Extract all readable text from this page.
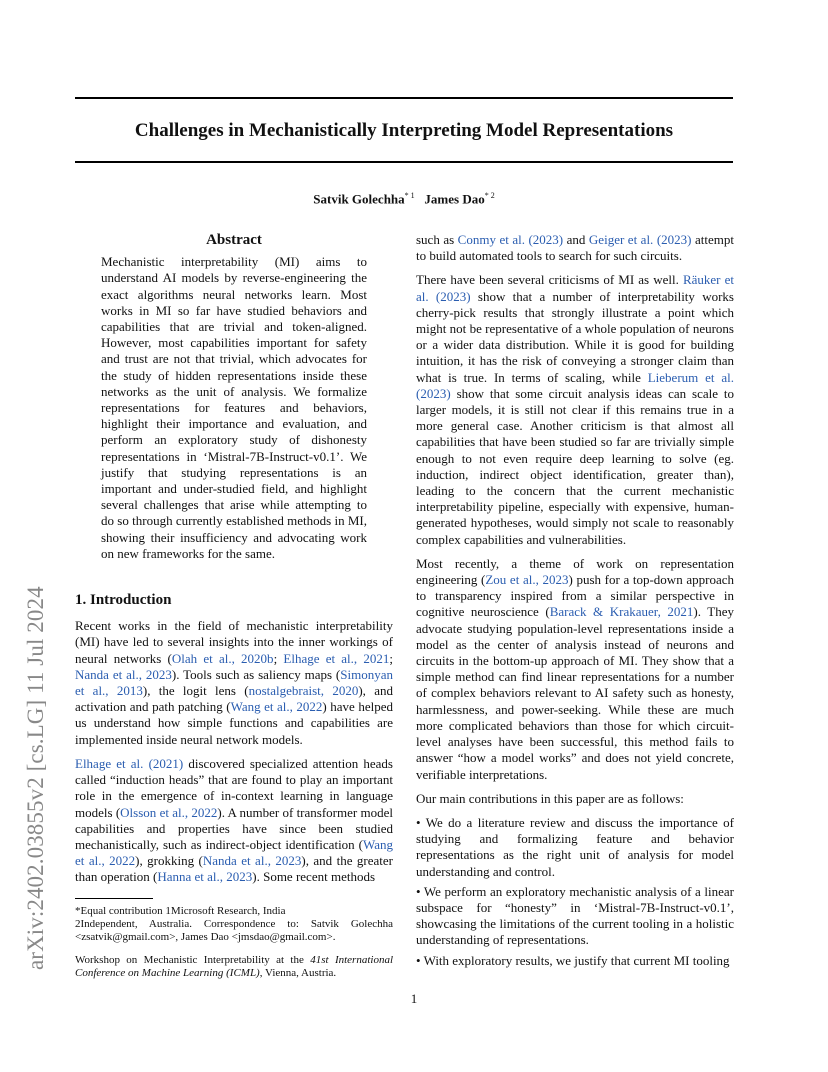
Challenges in Mechanistically Interpreting Model Representations
Satvik Golechha$^{* 1}$ James Dao$^{* 2}$
arXiv:2402.03855v2 [cs.LG] 11 Jul 2024
Abstract
Mechanistic interpretability (MI) aims to understand AI models by reverse-engineering the exact algorithms neural networks learn. Most works in MI so far have studied behaviors and capabilities that are trivial and token-aligned. However, most capabilities important for safety and trust are not that trivial, which advocates for the study of hidden representations inside these networks as the unit of analysis. We formalize representations for features and behaviors, highlight their importance and evaluation, and perform an exploratory study of dishonesty representations in ‘Mistral-7B-Instruct-v0.1’. We justify that studying representations is an important and under-studied field, and highlight several challenges that arise while attempting to do so through currently established methods in MI, showing their insufficiency and advocating work on new frameworks for the same.
1. Introduction

Recent works in the field of mechanistic interpretability (MI) have led to several insights into the inner workings of neural networks (Olah et al., 2020b; Elhage et al., 2021; Nanda et al., 2023). Tools such as saliency maps (Simonyan et al., 2013), the logit lens (nostalgebraist, 2020), and activation and path patching (Wang et al., 2022) have helped us understand how simple functions and capabilities are implemented inside neural network models.

Elhage et al. (2021) discovered specialized attention heads called “induction heads” that are found to play an important role in the emergence of in-context learning in language models (Olsson et al., 2022). A number of transformer model capabilities and properties have since been studied mechanistically, such as indirect-object identification (Wang et al., 2022), grokking (Nanda et al., 2023), and the greater than operation (Hanna et al., 2023). Some recent methods

*Equal contribution 1Microsoft Research, India
2Independent, Australia. Correspondence to: Satvik Golechha <zsatvik@gmail.com>, James Dao <jmsdao@gmail.com>.
Workshop on Mechanistic Interpretability at the 41st International Conference on Machine Learning (ICML), Vienna, Austria.

such as Conmy et al. (2023) and Geiger et al. (2023) attempt to build automated tools to search for such circuits.

There have been several criticisms of MI as well. Räuker et al. (2023) show that a number of interpretability works cherry-pick results that strongly illustrate a point which might not be representative of a whole population of neurons or a wider data distribution. While it is good for building intuition, it has the risk of conveying a stronger claim than what is true. In terms of scaling, while Lieberum et al. (2023) show that some circuit analysis ideas can scale to larger models, it is still not clear if this remains true in a more general case. Another criticism is that almost all capabilities that have been studied so far are trivially simple enough to not even require deep learning to solve (eg. induction, indirect object identification, greater than), leading to the concern that the current mechanistic interpretability pipeline, especially with expensive, human-generated hypotheses, would simply not scale to reasonably complex capabilities and vulnerabilities.

Most recently, a theme of work on representation engineering (Zou et al., 2023) push for a top-down approach to transparency inspired from a similar perspective in cognitive neuroscience (Barack & Krakauer, 2021). They advocate studying population-level representations inside a model as the center of analysis instead of neurons and circuits in the bottom-up approach of MI. They show that a simple method can find linear representations for a number of complex behaviors relevant to AI safety such as honesty, harmlessness, and power-seeking. While these are much more complicated behaviors than those for which circuit-level analyses have been successful, this method fails to answer “how a model works” and does not yield concrete, verifiable interpretations.

Our main contributions in this paper are as follows:

• We do a literature review and discuss the importance of studying and formalizing feature and behavior representations as the right unit of analysis for model understanding and control.
• We perform an exploratory mechanistic analysis of a linear subspace for “honesty” in ‘Mistral-7B-Instruct-v0.1’, showcasing the limitations of the current tooling in a holistic understanding of representations.
• With exploratory results, we justify that current MI tooling
1
